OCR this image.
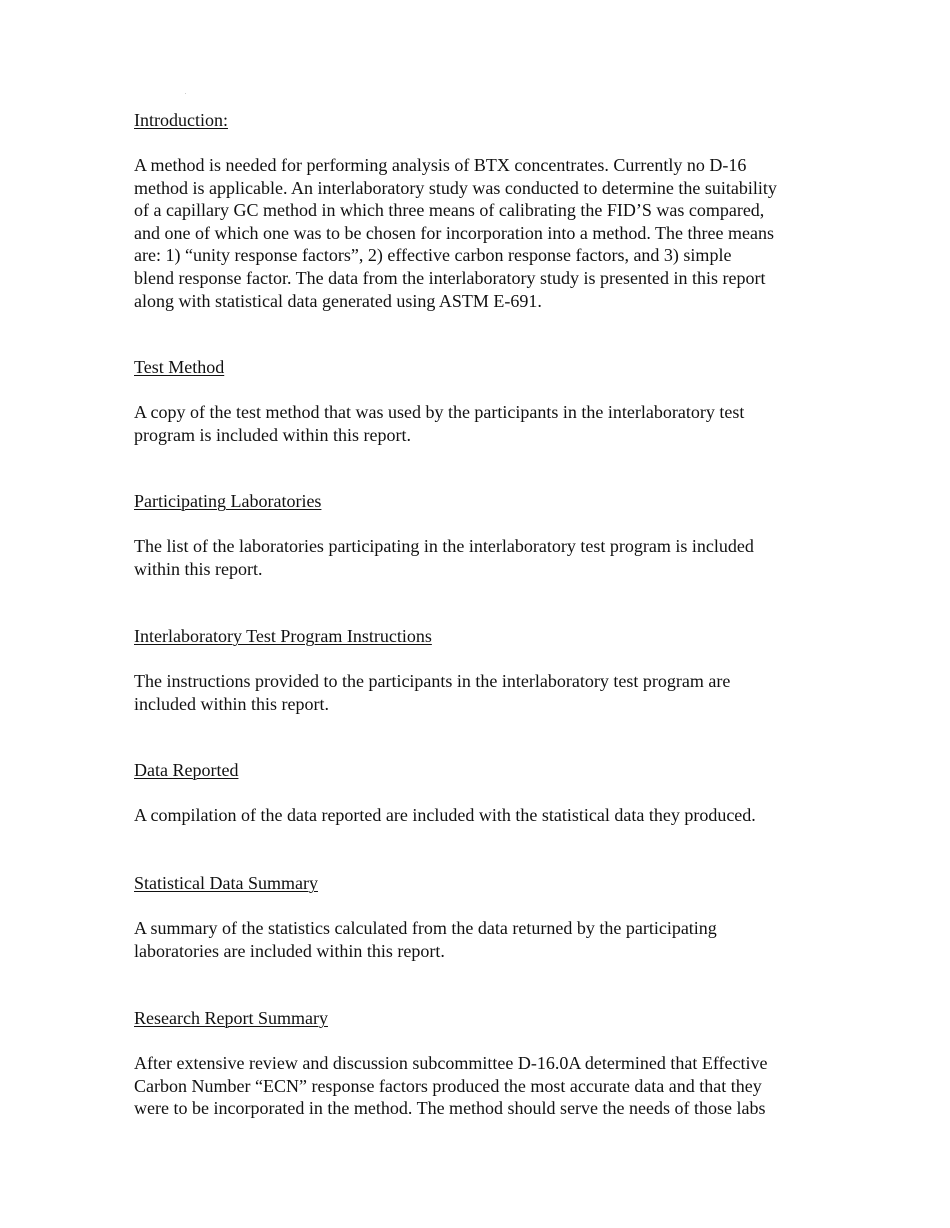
Introduction:
A method is needed for performing analysis of BTX concentrates. Currently no D-16
method is applicable. An interlaboratory study was conducted to determine the suitability
of a capillary GC method in which three means of calibrating the FID’S was compared,
and one of which one was to be chosen for incorporation into a method. The three means
are: 1) “unity response factors”, 2) effective carbon response factors, and 3) simple
blend response factor. The data from the interlaboratory study is presented in this report
along with statistical data generated using ASTM E-691.
Test Method
A copy of the test method that was used by the participants in the interlaboratory test
program is included within this report.
Participating Laboratories
The list of the laboratories participating in the interlaboratory test program is included
within this report.
Interlaboratory Test Program Instructions
The instructions provided to the participants in the interlaboratory test program are
included within this report.
Data Reported
A compilation of the data reported are included with the statistical data they produced.
Statistical Data Summary
A summary of the statistics calculated from the data returned by the participating
laboratories are included within this report.
Research Report Summary
After extensive review and discussion subcommittee D-16.0A determined that Effective
Carbon Number “ECN” response factors produced the most accurate data and that they
were to be incorporated in the method. The method should serve the needs of those labs
